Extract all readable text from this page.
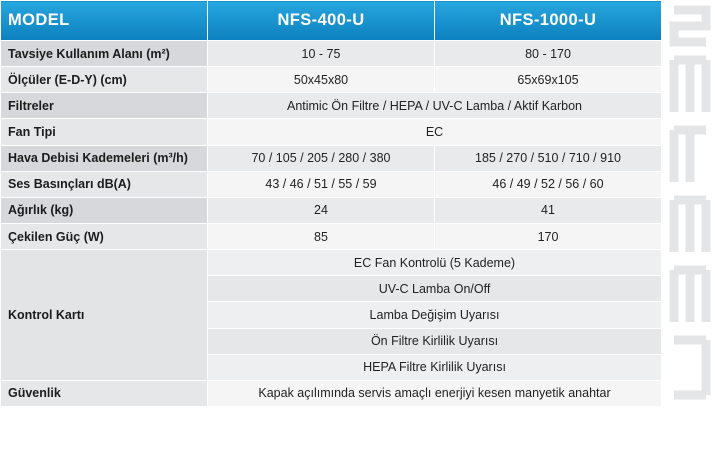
MODEL	NFS-400-U	NFS-1000-U
Tavsiye Kullanım Alanı (m²)	10 - 75	80 - 170
Ölçüler (E-D-Y) (cm)	50x45x80	65x69x105
Filtreler	Antimic Ön Filtre / HEPA / UV-C Lamba / Aktif Karbon	
Fan Tipi	EC	
Hava Debisi Kademeleri (m³/h)	70 / 105 / 205 / 280 / 380	185 / 270 / 510 / 710 / 910
Ses Basınçları dB(A)	43 / 46 / 51 / 55 / 59	46 / 49 / 52 / 56 / 60
Ağırlık (kg)	24	41
Çekilen Güç (W)	85	170
Kontrol Kartı	EC Fan Kontrolü (5 Kademe)	
	UV-C Lamba On/Off	
	Lamba Değişim Uyarısı	
	Ön Filtre Kirlilik Uyarısı	
	HEPA Filtre Kirlilik Uyarısı	
Güvenlik	Kapak açılımında servis amaçlı enerjiyi kesen manyetik anahtar	
